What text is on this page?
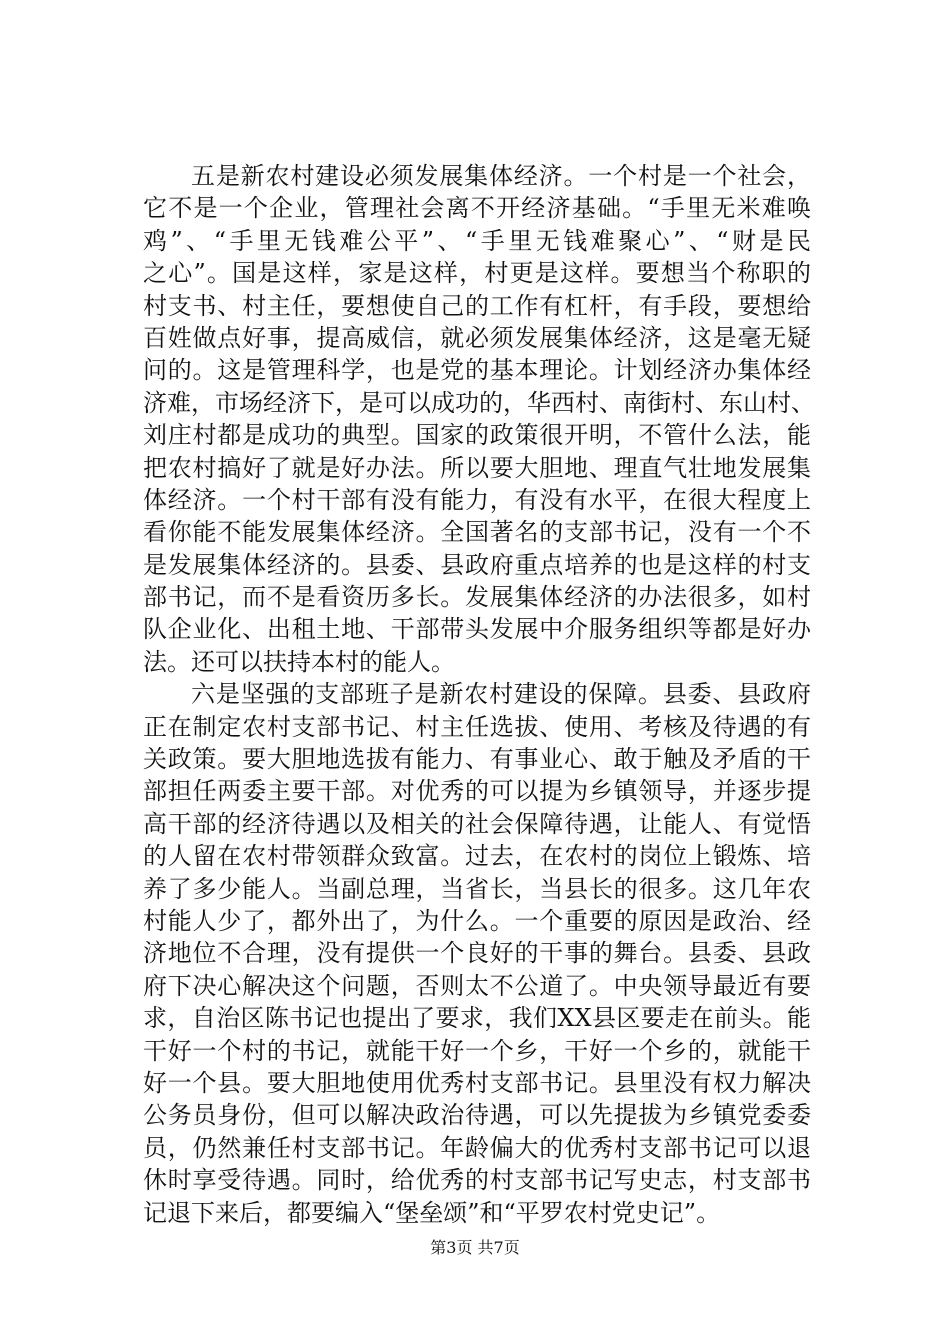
五是新农村建设必须发展集体经济。一个村是一个社会，
它不是一个企业，管理社会离不开经济基础。“手里无米难唤
鸡”、“手里无钱难公平”、“手里无钱难聚心”、“财是民
之心”。国是这样，家是这样，村更是这样。要想当个称职的
村支书、村主任，要想使自己的工作有杠杆，有手段，要想给
百姓做点好事，提高威信，就必须发展集体经济，这是毫无疑
问的。这是管理科学，也是党的基本理论。计划经济办集体经
济难，市场经济下，是可以成功的，华西村、南街村、东山村、
刘庄村都是成功的典型。国家的政策很开明，不管什么法，能
把农村搞好了就是好办法。所以要大胆地、理直气壮地发展集
体经济。一个村干部有没有能力，有没有水平，在很大程度上
看你能不能发展集体经济。全国著名的支部书记，没有一个不
是发展集体经济的。县委、县政府重点培养的也是这样的村支
部书记，而不是看资历多长。发展集体经济的办法很多，如村
队企业化、出租土地、干部带头发展中介服务组织等都是好办
法。还可以扶持本村的能人。
六是坚强的支部班子是新农村建设的保障。县委、县政府
正在制定农村支部书记、村主任选拔、使用、考核及待遇的有
关政策。要大胆地选拔有能力、有事业心、敢于触及矛盾的干
部担任两委主要干部。对优秀的可以提为乡镇领导，并逐步提
高干部的经济待遇以及相关的社会保障待遇，让能人、有觉悟
的人留在农村带领群众致富。过去，在农村的岗位上锻炼、培
养了多少能人。当副总理，当省长，当县长的很多。这几年农
村能人少了，都外出了，为什么。一个重要的原因是政治、经
济地位不合理，没有提供一个良好的干事的舞台。县委、县政
府下决心解决这个问题，否则太不公道了。中央领导最近有要
求，自治区陈书记也提出了要求，我们XX县区要走在前头。能
干好一个村的书记，就能干好一个乡，干好一个乡的，就能干
好一个县。要大胆地使用优秀村支部书记。县里没有权力解决
公务员身份，但可以解决政治待遇，可以先提拔为乡镇党委委
员，仍然兼任村支部书记。年龄偏大的优秀村支部书记可以退
休时享受待遇。同时，给优秀的村支部书记写史志，村支部书
记退下来后，都要编入“堡垒颂”和“平罗农村党史记”。
第3页 共7页
